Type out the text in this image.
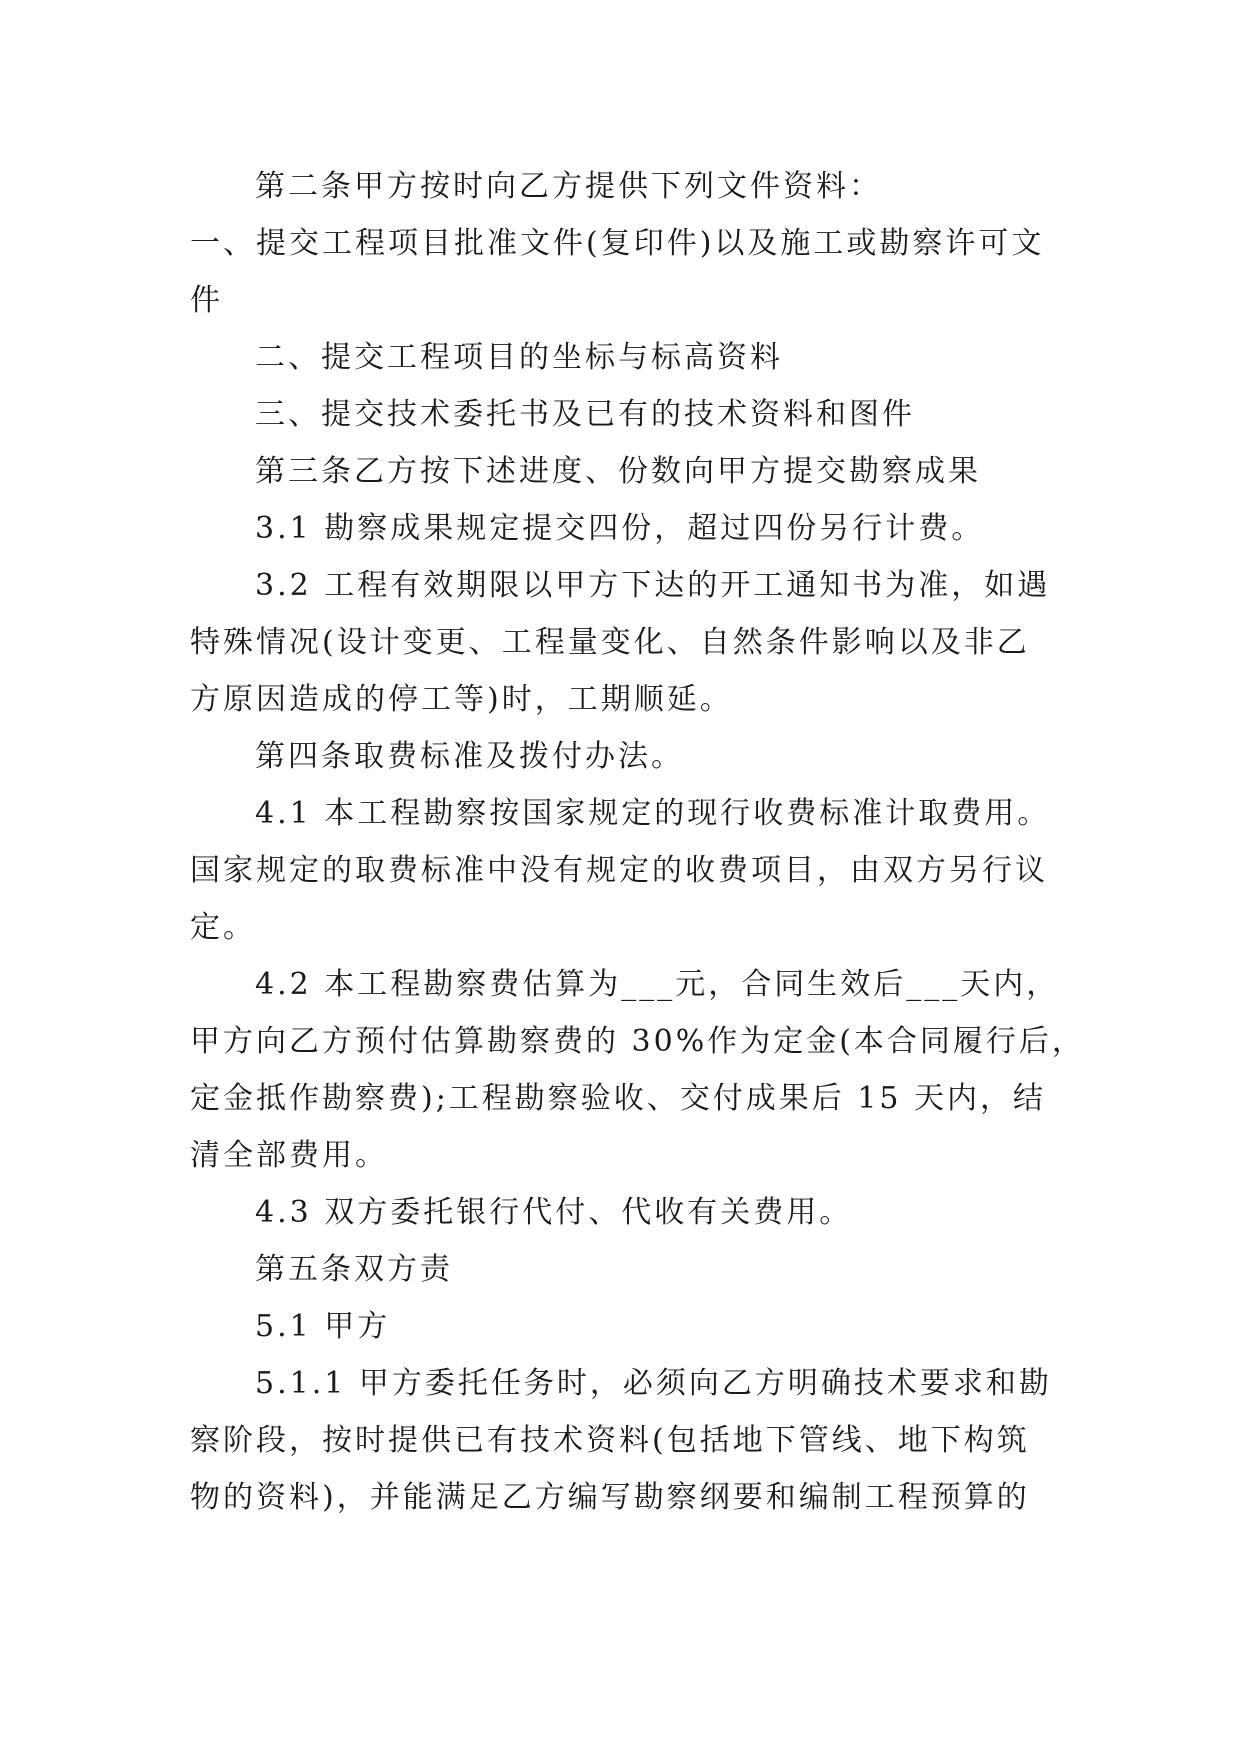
第二条甲方按时向乙方提供下列文件资料：

一、提交工程项目批准文件(复印件)以及施工或勘察许可文
件

二、提交工程项目的坐标与标高资料

三、提交技术委托书及已有的技术资料和图件

第三条乙方按下述进度、份数向甲方提交勘察成果

3.1 勘察成果规定提交四份，超过四份另行计费。

3.2 工程有效期限以甲方下达的开工通知书为准，如遇
特殊情况(设计变更、工程量变化、自然条件影响以及非乙
方原因造成的停工等)时，工期顺延。

第四条取费标准及拨付办法。

4.1 本工程勘察按国家规定的现行收费标准计取费用。
国家规定的取费标准中没有规定的收费项目，由双方另行议
定。

4.2 本工程勘察费估算为___元，合同生效后___天内，
甲方向乙方预付估算勘察费的 30%作为定金(本合同履行后，
定金抵作勘察费);工程勘察验收、交付成果后 15 天内，结
清全部费用。

4.3 双方委托银行代付、代收有关费用。

第五条双方责

5.1 甲方

5.1.1 甲方委托任务时，必须向乙方明确技术要求和勘
察阶段，按时提供已有技术资料(包括地下管线、地下构筑
物的资料)，并能满足乙方编写勘察纲要和编制工程预算的
